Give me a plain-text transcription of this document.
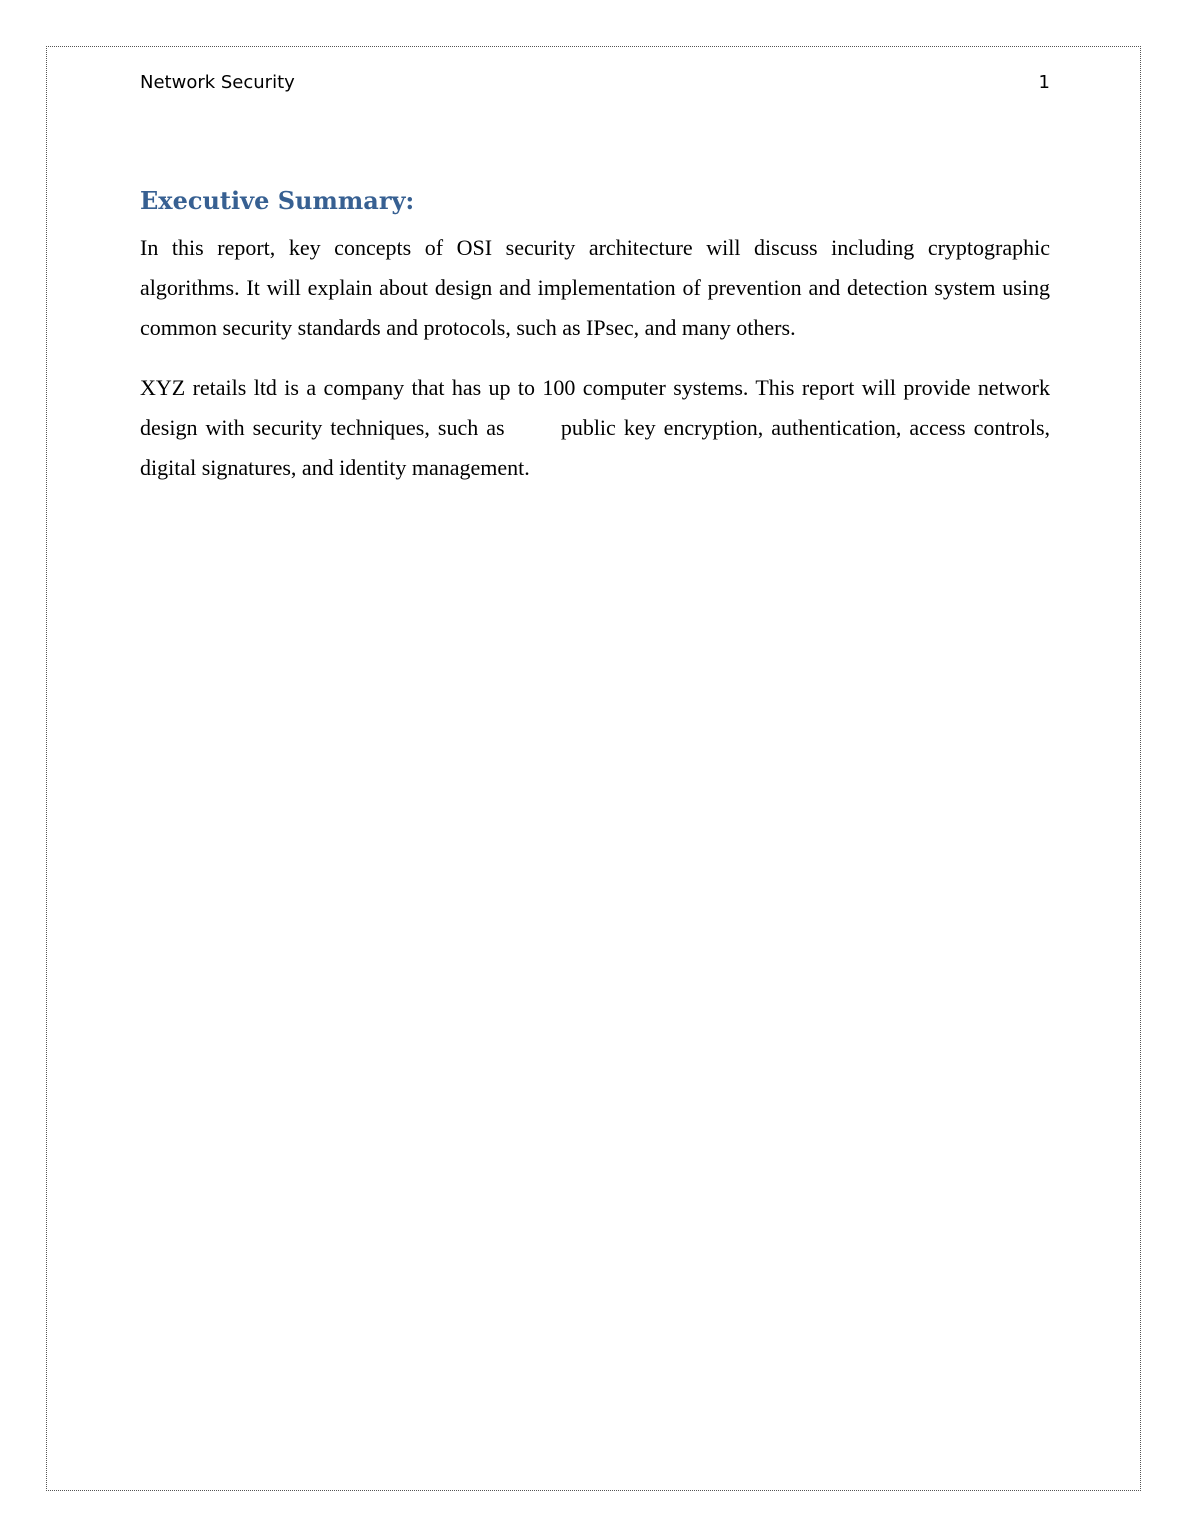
Network Security	1
Executive Summary:

In this report, key concepts of OSI security architecture will discuss including cryptographic algorithms. It will explain about design and implementation of prevention and detection system using common security standards and protocols, such as IPsec, and many others.

XYZ retails ltd is a company that has up to 100 computer systems. This report will provide network design with security techniques, such as       public key encryption, authentication, access controls, digital signatures, and identity management.
